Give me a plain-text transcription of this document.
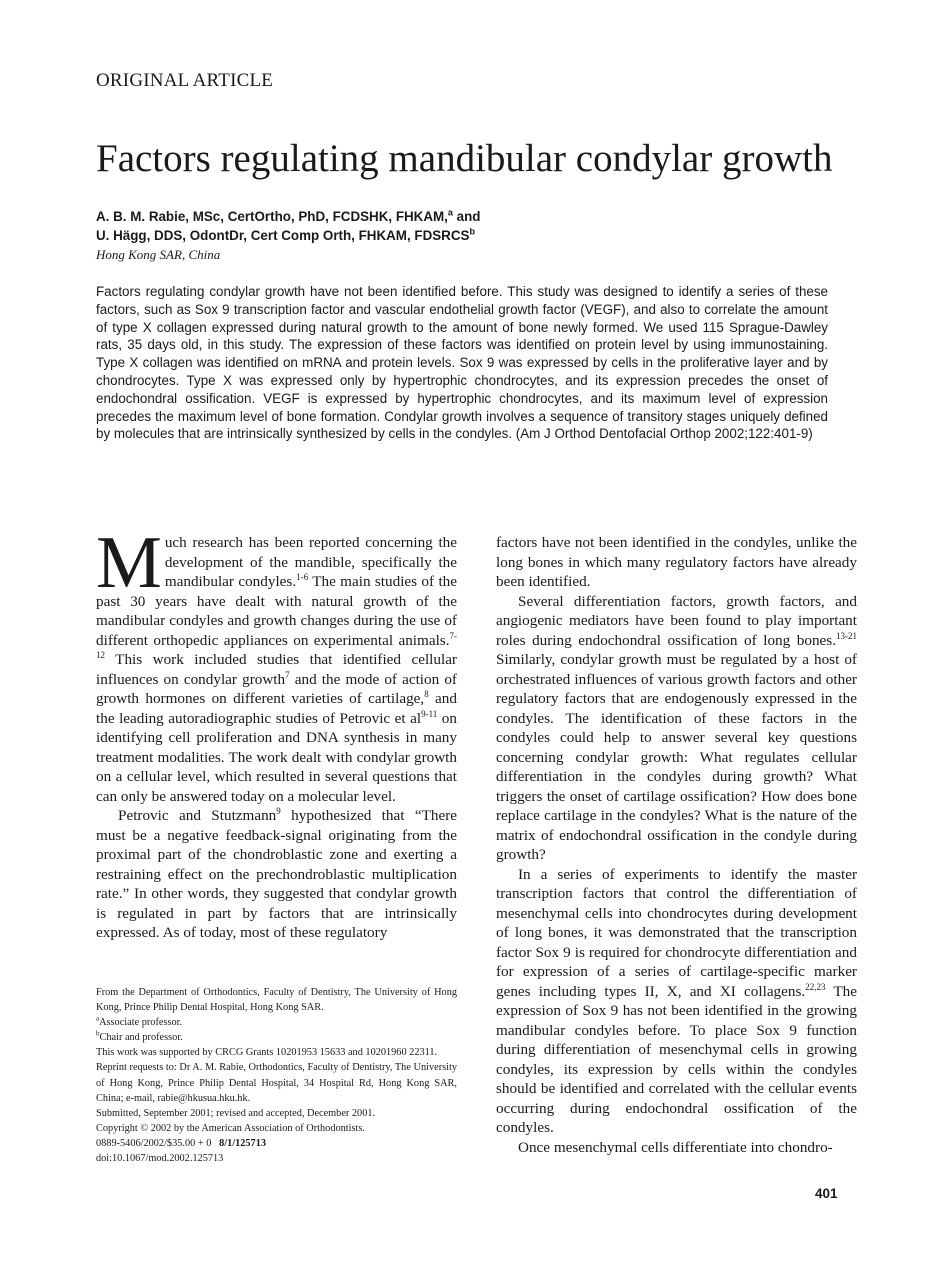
ORIGINAL ARTICLE
Factors regulating mandibular condylar growth
A. B. M. Rabie, MSc, CertOrtho, PhD, FCDSHK, FHKAM,$^a$ and
U. Hägg, DDS, OdontDr, Cert Comp Orth, FHKAM, FDSRCS$^b$
Hong Kong SAR, China

Factors regulating condylar growth have not been identified before. This study was designed to identify a series of these factors, such as Sox 9 transcription factor and vascular endothelial growth factor (VEGF), and also to correlate the amount of type X collagen expressed during natural growth to the amount of bone newly formed. We used 115 Sprague-Dawley rats, 35 days old, in this study. The expression of these factors was identified on protein level by using immunostaining. Type X collagen was identified on mRNA and protein levels. Sox 9 was expressed by cells in the proliferative layer and by chondrocytes. Type X was expressed only by hypertrophic chondrocytes, and its expression precedes the onset of endochondral ossification. VEGF is expressed by hypertrophic chondrocytes, and its maximum level of expression precedes the maximum level of bone formation. Condylar growth involves a sequence of transitory stages uniquely defined by molecules that are intrinsically synthesized by cells in the condyles. (Am J Orthod Dentofacial Orthop 2002;122:401-9)

Much research has been reported concerning the development of the mandible, specifically the mandibular condyles.$^{1-6}$ The main studies of the past 30 years have dealt with natural growth of the mandibular condyles and growth changes during the use of different orthopedic appliances on experimental animals.$^{7-12}$ This work included studies that identified cellular influences on condylar growth$^7$ and the mode of action of growth hormones on different varieties of cartilage,$^8$ and the leading autoradiographic studies of Petrovic et $al^{9-11}$ on identifying cell proliferation and DNA synthesis in many treatment modalities. The work dealt with condylar growth on a cellular level, which resulted in several questions that can only be answered today on a molecular level.

Petrovic and Stutzmann$^9$ hypothesized that “There must be a negative feedback-signal originating from the proximal part of the chondroblastic zone and exerting a restraining effect on the prechondroblastic multiplication rate.” In other words, they suggested that condylar growth is regulated in part by factors that are intrinsically expressed. As of today, most of these regulatory

factors have not been identified in the condyles, unlike the long bones in which many regulatory factors have already been identified.

Several differentiation factors, growth factors, and angiogenic mediators have been found to play important roles during endochondral ossification of long bones.$^{13-21}$ Similarly, condylar growth must be regulated by a host of orchestrated influences of various growth factors and other regulatory factors that are endogenously expressed in the condyles. The identification of these factors in the condyles could help to answer several key questions concerning condylar growth: What regulates cellular differentiation in the condyles during growth? What triggers the onset of cartilage ossification? How does bone replace cartilage in the condyles? What is the nature of the matrix of endochondral ossification in the condyle during growth?

In a series of experiments to identify the master transcription factors that control the differentiation of mesenchymal cells into chondrocytes during development of long bones, it was demonstrated that the transcription factor Sox 9 is required for chondrocyte differentiation and for expression of a series of cartilage-specific marker genes including types II, X, and XI collagens.$^{22,23}$ The expression of Sox 9 has not been identified in the growing mandibular condyles before. To place Sox 9 function during differentiation of mesenchymal cells in growing condyles, its expression by cells within the condyles should be identified and correlated with the cellular events occurring during endochondral ossification of the condyles.

Once mesenchymal cells differentiate into chondro-

From the Department of Orthodontics, Faculty of Dentistry, The University of Hong Kong, Prince Philip Dental Hospital, Hong Kong SAR.

$^a$Associate professor.

$^b$Chair and professor.

This work was supported by CRCG Grants 10201953 15633 and 10201960 22311.

Reprint requests to: Dr A. M. Rabie, Orthodontics, Faculty of Dentistry, The University of Hong Kong, Prince Philip Dental Hospital, 34 Hospital Rd, Hong Kong SAR, China; e-mail, rabie@hkusua.hku.hk.

Submitted, September 2001; revised and accepted, December 2001.

Copyright © 2002 by the American Association of Orthodontists.

0889-5406/2002/$35.00 + 0 8/1/125713

doi:10.1067/mod.2002.125713

401
